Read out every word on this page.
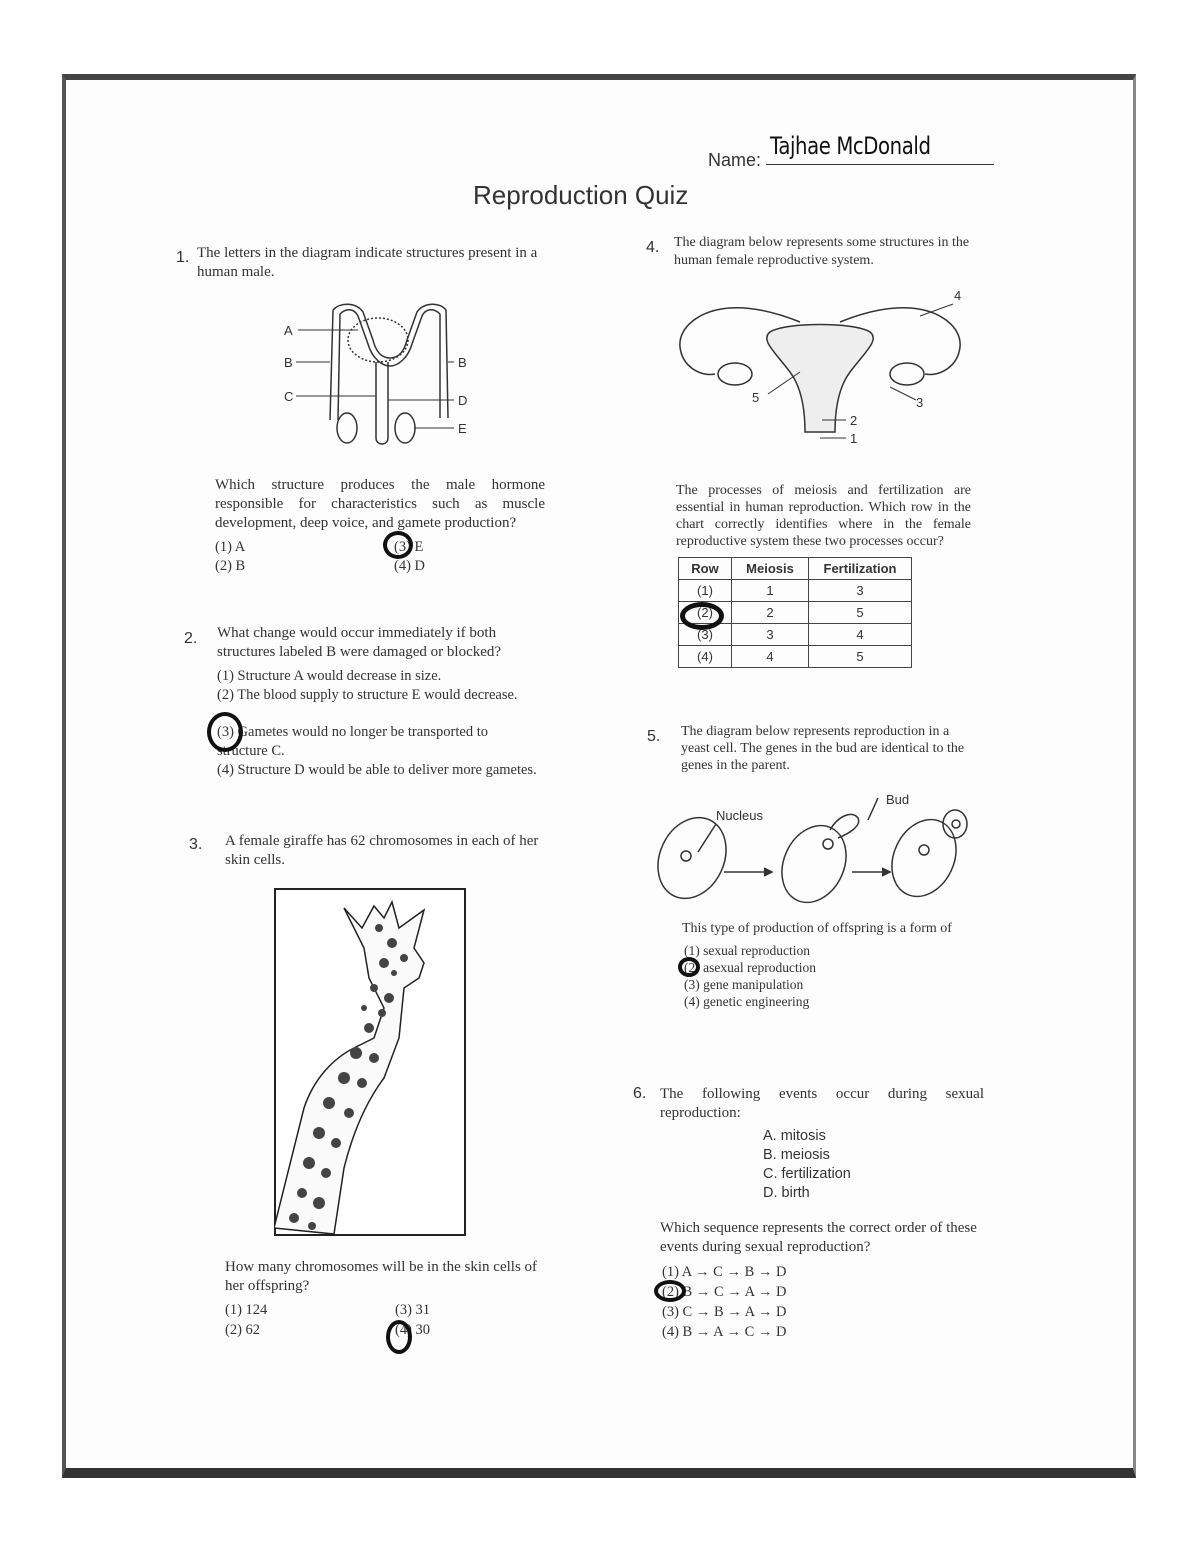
Name: Tajhae McDonald
Reproduction Quiz
1. The letters in the diagram indicate structures present in a human male.
A
B
C
B
D
E
Which structure produces the male hormone responsible for characteristics such as muscle development, deep voice, and gamete production?
(1) A
(2) B
(3) E
(4) D
2. What change would occur immediately if both structures labeled B were damaged or blocked?
(1) Structure A would decrease in size.
(2) The blood supply to structure E would decrease.
(3) Gametes would no longer be transported to structure C.
(4) Structure D would be able to deliver more gametes.
3. A female giraffe has 62 chromosomes in each of her skin cells.
How many chromosomes will be in the skin cells of her offspring?
(1) 124
(2) 62
(3) 31
(4) 30
4. The diagram below represents some structures in the human female reproductive system.
4
3
5
2
1
The processes of meiosis and fertilization are essential in human reproduction. Which row in the chart correctly identifies where in the female reproductive system these two processes occur?
Row	Meiosis	Fertilization
(1)	1	3
(2)	2	5
(3)	3	4
(4)	4	5
5. The diagram below represents reproduction in a yeast cell. The genes in the bud are identical to the genes in the parent.
Nucleus
Bud
This type of production of offspring is a form of
(1) sexual reproduction
(2) asexual reproduction
(3) gene manipulation
(4) genetic engineering
6. The following events occur during sexual reproduction:
A. mitosis
B. meiosis
C. fertilization
D. birth
Which sequence represents the correct order of these events during sexual reproduction?
(1) A → C → B → D
(2) B → C → A → D
(3) C → B → A → D
(4) B → A → C → D
